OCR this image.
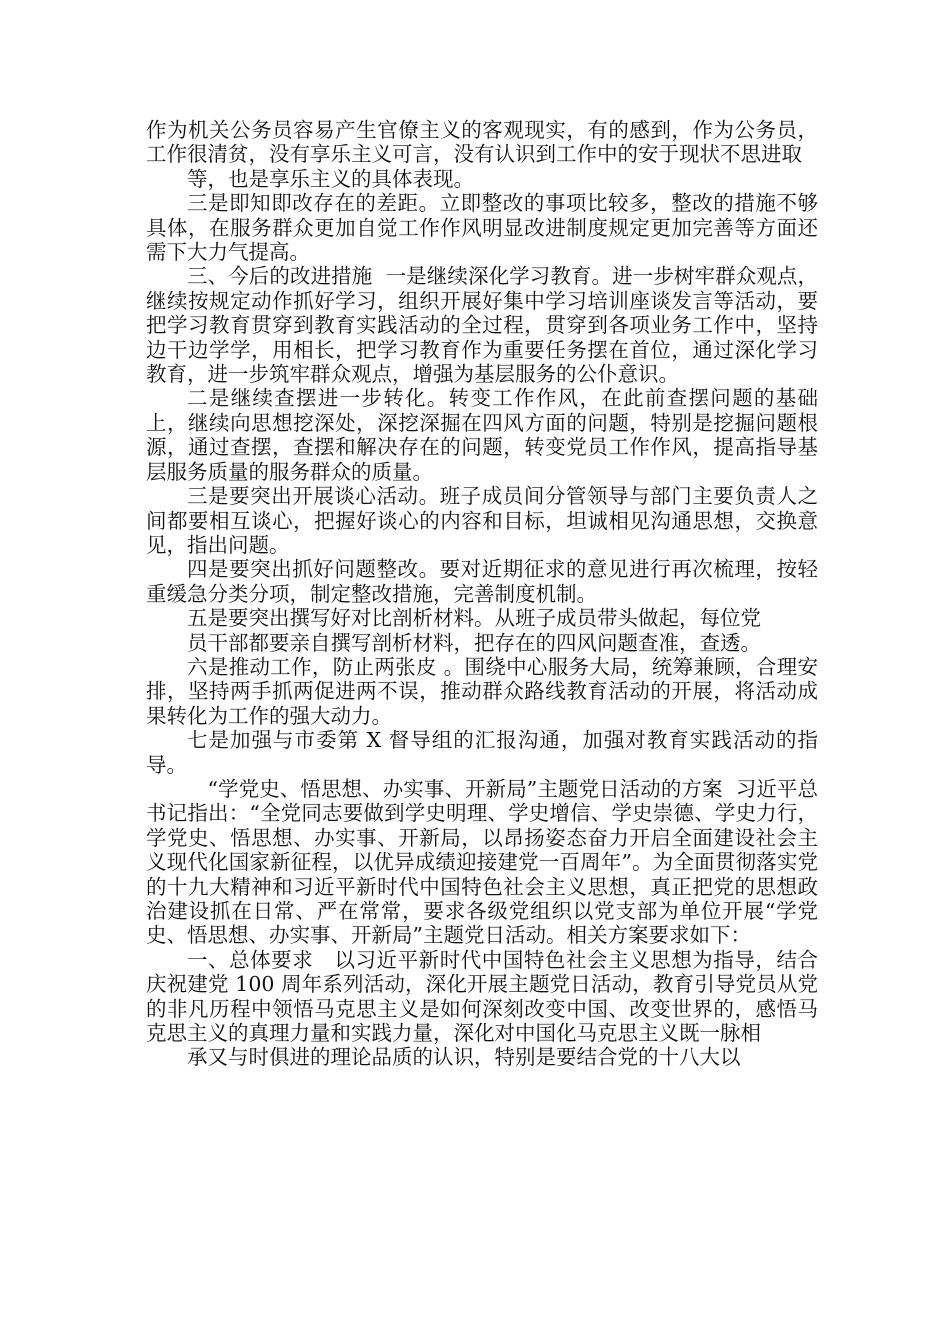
作为机关公务员容易产生官僚主义的客观现实，有的感到，作为公务员，工作很清贫，没有享乐主义可言，没有认识到工作中的安于现状不思进取

等，也是享乐主义的具体表现。

三是即知即改存在的差距。立即整改的事项比较多，整改的措施不够具体，在服务群众更加自觉工作作风明显改进制度规定更加完善等方面还需下大力气提高。

三、今后的改进措施  一是继续深化学习教育。进一步树牢群众观点，继续按规定动作抓好学习，组织开展好集中学习培训座谈发言等活动，要把学习教育贯穿到教育实践活动的全过程，贯穿到各项业务工作中，坚持边干边学学，用相长，把学习教育作为重要任务摆在首位，通过深化学习教育，进一步筑牢群众观点，增强为基层服务的公仆意识。

二是继续查摆进一步转化。转变工作作风，在此前查摆问题的基础上，继续向思想挖深处，深挖深掘在四风方面的问题，特别是挖掘问题根源，通过查摆，查摆和解决存在的问题，转变党员工作作风，提高指导基层服务质量的服务群众的质量。

三是要突出开展谈心活动。班子成员间分管领导与部门主要负责人之间都要相互谈心，把握好谈心的内容和目标，坦诚相见沟通思想，交换意见，指出问题。

四是要突出抓好问题整改。要对近期征求的意见进行再次梳理，按轻重缓急分类分项，制定整改措施，完善制度机制。

五是要突出撰写好对比剖析材料。从班子成员带头做起，每位党

员干部都要亲自撰写剖析材料，把存在的四风问题查准，查透。

六是推动工作，防止两张皮 。围绕中心服务大局，统筹兼顾，合理安排，坚持两手抓两促进两不误，推动群众路线教育活动的开展，将活动成果转化为工作的强大动力。

七是加强与市委第 X 督导组的汇报沟通，加强对教育实践活动的指导。

“学党史、悟思想、办实事、开新局”主题党日活动的方案  习近平总书记指出：“全党同志要做到学史明理、学史增信、学史崇德、学史力行，学党史、悟思想、办实事、开新局，以昂扬姿态奋力开启全面建设社会主义现代化国家新征程，以优异成绩迎接建党一百周年”。为全面贯彻落实党的十九大精神和习近平新时代中国特色社会主义思想，真正把党的思想政治建设抓在日常、严在常常，要求各级党组织以党支部为单位开展“学党史、悟思想、办实事、开新局”主题党日活动。相关方案要求如下：

一、总体要求   以习近平新时代中国特色社会主义思想为指导，结合庆祝建党 100 周年系列活动，深化开展主题党日活动，教育引导党员从党的非凡历程中领悟马克思主义是如何深刻改变中国、改变世界的，感悟马克思主义的真理力量和实践力量，深化对中国化马克思主义既一脉相

承又与时俱进的理论品质的认识，特别是要结合党的十八大以
